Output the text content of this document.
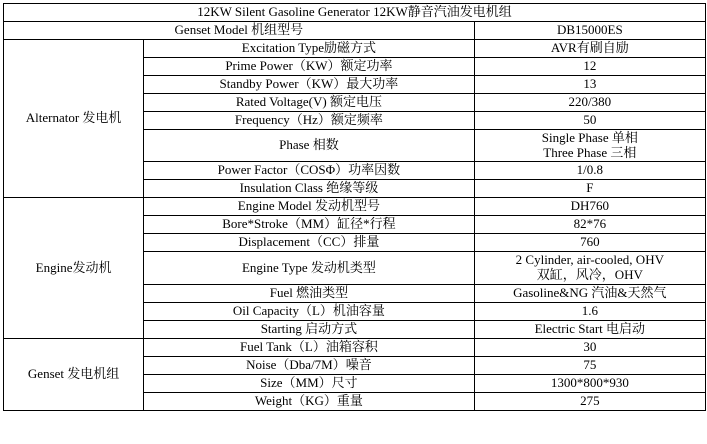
12KW Silent Gasoline Generator 12KW静音汽油发电机组		
Genset Model 机组型号		DB15000ES
Alternator 发电机	Excitation Type励磁方式	AVR有刷自励
	Prime Power（KW）额定功率	12
	Standby Power（KW）最大功率	13
	Rated Voltage(V) 额定电压	220/380
	Frequency（Hz）额定频率	50
	Phase 相数	Single Phase 单相
Three Phase 三相
	Power Factor（COSΦ）功率因数	1/0.8
	Insulation Class 绝缘等级	F
Engine发动机	Engine Model 发动机型号	DH760
	Bore*Stroke（MM）缸径*行程	82*76
	Displacement（CC）排量	760
	Engine Type 发动机类型	2 Cylinder, air-cooled, OHV
双缸，风冷，OHV
	Fuel 燃油类型	Gasoline&NG 汽油&天然气
	Oil Capacity（L）机油容量	1.6
	Starting 启动方式	Electric Start 电启动
Genset 发电机组	Fuel Tank（L）油箱容积	30
	Noise（Dba/7M）噪音	75
	Size（MM）尺寸	1300*800*930
	Weight（KG）重量	275
